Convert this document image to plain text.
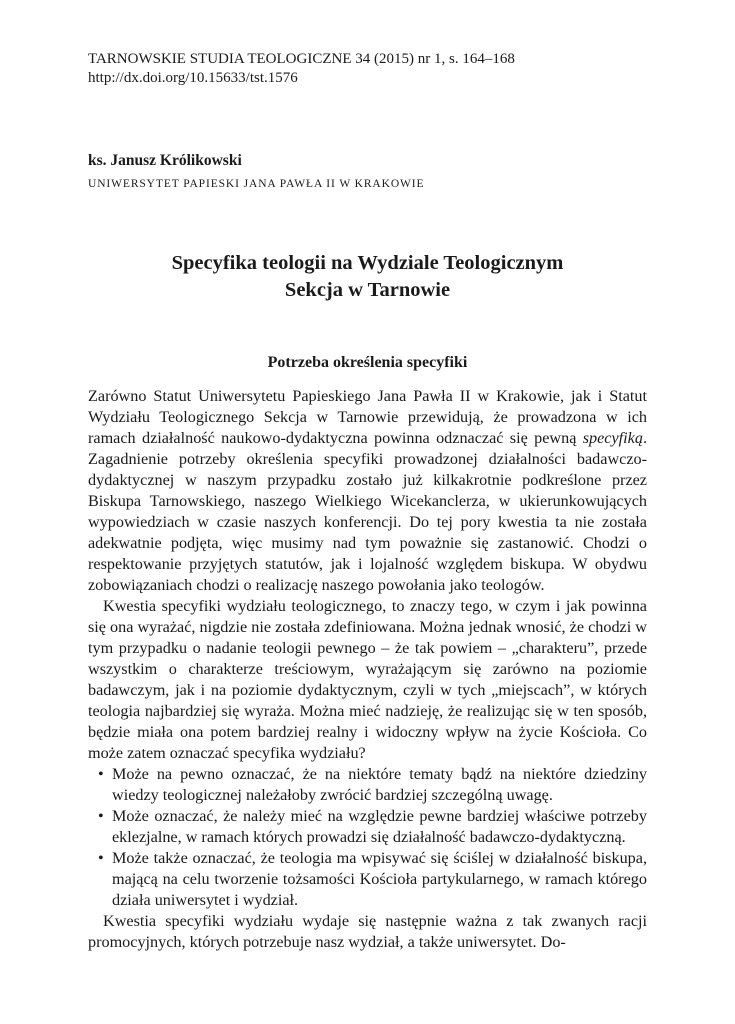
TARNOWSKIE STUDIA TEOLOGICZNE 34 (2015) nr 1, s. 164–168
http://dx.doi.org/10.15633/tst.1576
ks. Janusz Królikowski
UNIWERSYTET PAPIESKI JANA PAWŁA II W KRAKOWIE
Specyfika teologii na Wydziale Teologicznym
Sekcja w Tarnowie
Potrzeba określenia specyfiki

Zarówno Statut Uniwersytetu Papieskiego Jana Pawła II w Krakowie, jak i Statut Wydziału Teologicznego Sekcja w Tarnowie przewidują, że prowadzona w ich ramach działalność naukowo-dydaktyczna powinna odznaczać się pewną specyfiką. Zagadnienie potrzeby określenia specyfiki prowadzonej działalności badawczo-dydaktycznej w naszym przypadku zostało już kilkakrotnie podkreślone przez Biskupa Tarnowskiego, naszego Wielkiego Wicekanclerza, w ukierunkowujących wypowiedziach w czasie naszych konferencji. Do tej pory kwestia ta nie została adekwatnie podjęta, więc musimy nad tym poważnie się zastanowić. Chodzi o respektowanie przyjętych statutów, jak i lojalność względem biskupa. W obydwu zobowiązaniach chodzi o realizację naszego powołania jako teologów.

Kwestia specyfiki wydziału teologicznego, to znaczy tego, w czym i jak powinna się ona wyrażać, nigdzie nie została zdefiniowana. Można jednak wnosić, że chodzi w tym przypadku o nadanie teologii pewnego – że tak powiem – „charakteru”, przede wszystkim o charakterze treściowym, wyrażającym się zarówno na poziomie badawczym, jak i na poziomie dydaktycznym, czyli w tych „miejscach”, w których teologia najbardziej się wyraża. Można mieć nadzieję, że realizując się w ten sposób, będzie miała ona potem bardziej realny i widoczny wpływ na życie Kościoła. Co może zatem oznaczać specyfika wydziału?

• Może na pewno oznaczać, że na niektóre tematy bądź na niektóre dziedziny wiedzy teologicznej należałoby zwrócić bardziej szczególną uwagę.
• Może oznaczać, że należy mieć na względzie pewne bardziej właściwe potrzeby eklezjalne, w ramach których prowadzi się działalność badawczo-dydaktyczną.
• Może także oznaczać, że teologia ma wpisywać się ściślej w działalność biskupa, mającą na celu tworzenie tożsamości Kościoła partykularnego, w ramach którego działa uniwersytet i wydział.

Kwestia specyfiki wydziału wydaje się następnie ważna z tak zwanych racji promocyjnych, których potrzebuje nasz wydział, a także uniwersytet. Do-
